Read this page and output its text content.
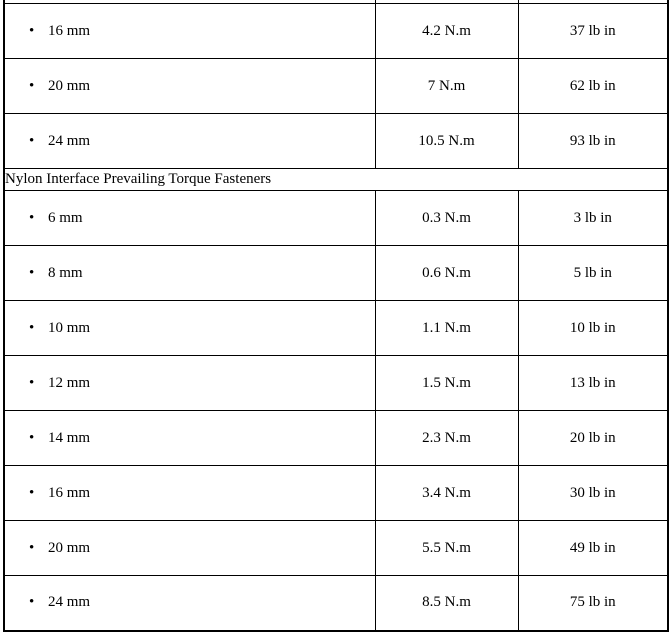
• 16 mm	4.2 N.m	37 lb in
• 20 mm	7 N.m	62 lb in
• 24 mm	10.5 N.m	93 lb in
Nylon Interface Prevailing Torque Fasteners		
• 6 mm	0.3 N.m	3 lb in
• 8 mm	0.6 N.m	5 lb in
• 10 mm	1.1 N.m	10 lb in
• 12 mm	1.5 N.m	13 lb in
• 14 mm	2.3 N.m	20 lb in
• 16 mm	3.4 N.m	30 lb in
• 20 mm	5.5 N.m	49 lb in
• 24 mm	8.5 N.m	75 lb in
